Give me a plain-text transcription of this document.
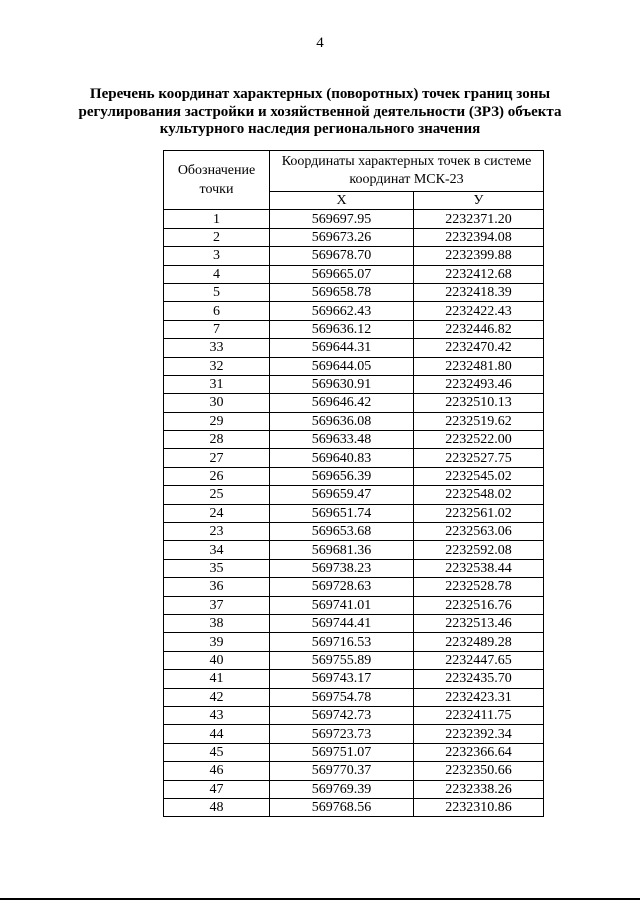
4
Перечень координат характерных (поворотных) точек границ зоны регулирования застройки и хозяйственной деятельности (ЗРЗ) объекта культурного наследия регионального значения
Обозначение точки	Координаты характерных точек в системе координат МСК-23	
	Х	У
1	569697.95	2232371.20
2	569673.26	2232394.08
3	569678.70	2232399.88
4	569665.07	2232412.68
5	569658.78	2232418.39
6	569662.43	2232422.43
7	569636.12	2232446.82
33	569644.31	2232470.42
32	569644.05	2232481.80
31	569630.91	2232493.46
30	569646.42	2232510.13
29	569636.08	2232519.62
28	569633.48	2232522.00
27	569640.83	2232527.75
26	569656.39	2232545.02
25	569659.47	2232548.02
24	569651.74	2232561.02
23	569653.68	2232563.06
34	569681.36	2232592.08
35	569738.23	2232538.44
36	569728.63	2232528.78
37	569741.01	2232516.76
38	569744.41	2232513.46
39	569716.53	2232489.28
40	569755.89	2232447.65
41	569743.17	2232435.70
42	569754.78	2232423.31
43	569742.73	2232411.75
44	569723.73	2232392.34
45	569751.07	2232366.64
46	569770.37	2232350.66
47	569769.39	2232338.26
48	569768.56	2232310.86
